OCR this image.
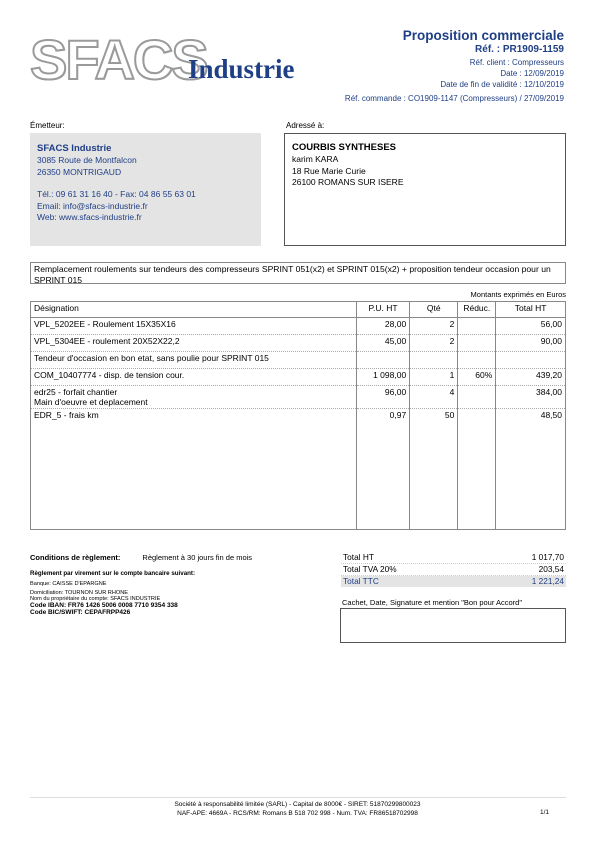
SFACS
Industrie
Proposition commerciale
Réf. : PR1909-1159
Réf. client : Compresseurs
Date : 12/09/2019
Date de fin de validité : 12/10/2019
Réf. commande : CO1909-1147 (Compresseurs) / 27/09/2019
Émetteur:	Adressé à:
SFACS Industrie
3085 Route de Montfalcon
26350 MONTRIGAUD
Tél.: 09 61 31 16 40 - Fax: 04 86 55 63 01
Email: info@sfacs-industrie.fr
Web: www.sfacs-industrie.fr
COURBIS SYNTHESES
karim KARA
18 Rue Marie Curie
26100 ROMANS SUR ISERE
Remplacement roulements sur tendeurs des compresseurs SPRINT 051(x2) et SPRINT 015(x2) + proposition tendeur occasion pour un SPRINT 015
Montants exprimés en Euros
Désignation	P.U. HT	Qté	Réduc.	Total HT

VPL_5202EE - Roulement 15X35X16	28,00	2		56,00

VPL_5304EE - roulement 20X52X22,2	45,00	2		90,00

Tendeur d'occasion en bon etat, sans poulie pour SPRINT 015				

COM_10407774 - disp. de tension cour.	1 098,00	1	60%	439,20

edr25 - forfait chantier
Main d'oeuvre et deplacement	96,00	4		384,00

EDR_5 - frais km	0,97	50		48,50
Conditions de règlement:	Règlement à 30 jours fin de mois
Règlement par virement sur le compte bancaire suivant:
Banque: CAISSE D'EPARGNE
Domiciliation: TOURNON SUR RHONE
Nom du propriétaire du compte: SFACS INDUSTRIE
Code IBAN: FR76 1426 5006 0008 7710 9354 338
Code BIC/SWIFT: CEPAFRPP426
Total HT	1 017,70
Total TVA 20%	203,54
Total TTC	1 221,24
Cachet, Date, Signature et mention "Bon pour Accord"
Société à responsabilité limitée (SARL) - Capital de 8000€ - SIRET: 51870299800023
NAF-APE: 4669A - RCS/RM: Romans B 518 702 998 - Num. TVA: FR86518702998	1/1
